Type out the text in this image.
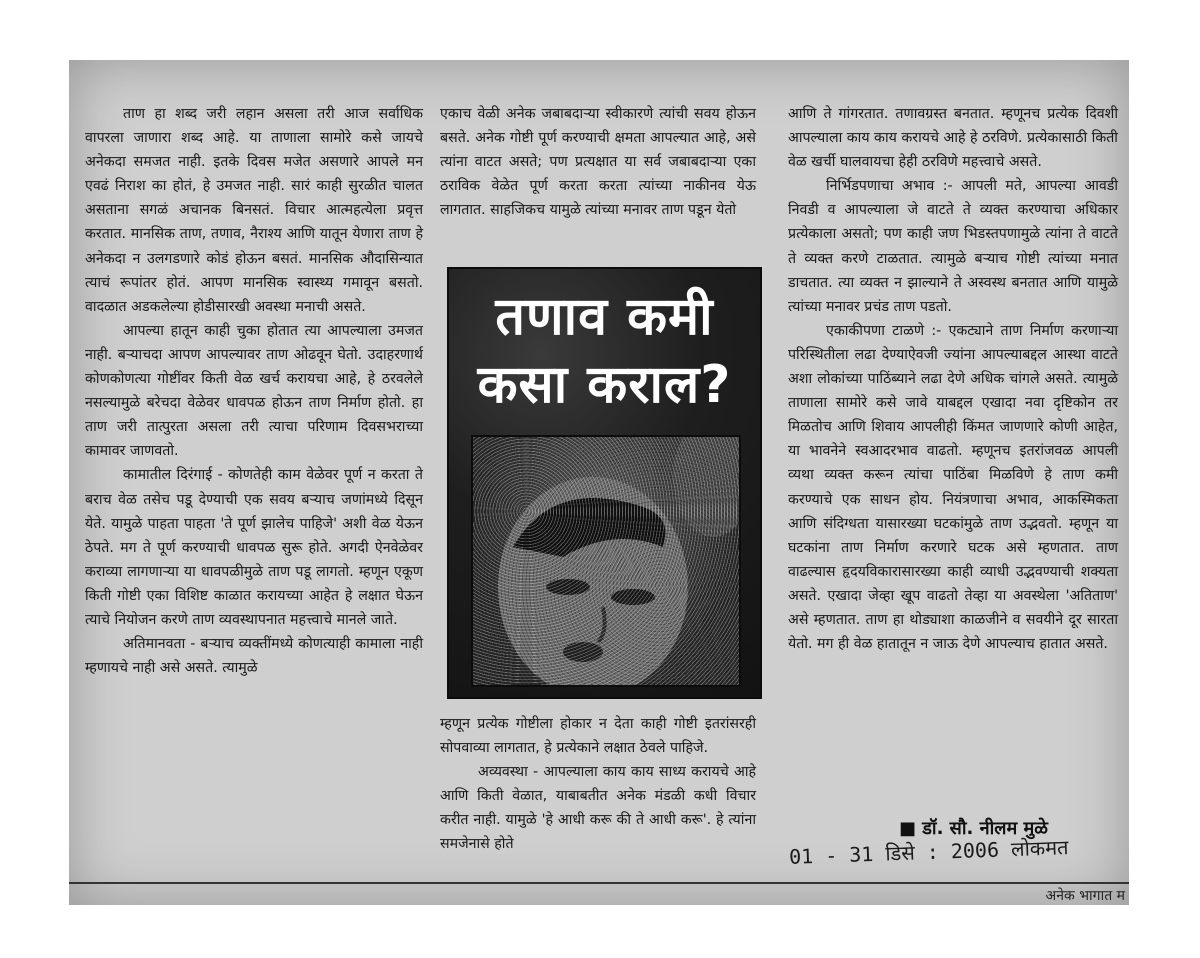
ताण हा शब्द जरी लहान असला तरी आज सर्वाधिक वापरला जाणारा शब्द आहे. या ताणाला सामोरे कसे जायचे अनेकदा समजत नाही. इतके दिवस मजेत असणारे आपले मन एवढं निराश का होतं, हे उमजत नाही. सारं काही सुरळीत चालत असताना सगळं अचानक बिनसतं. विचार आत्महत्येला प्रवृत्त करतात. मानसिक ताण, तणाव, नैराश्य आणि यातून येणारा ताण हे अनेकदा न उलगडणारे कोडं होऊन बसतं. मानसिक औदासिन्यात त्याचं रूपांतर होतं. आपण मानसिक स्वास्थ्य गमावून बसतो. वादळात अडकलेल्या होडीसारखी अवस्था मनाची असते.

आपल्या हातून काही चुका होतात त्या आपल्याला उमजत नाही. बऱ्याचदा आपण आपल्यावर ताण ओढवून घेतो. उदाहरणार्थ कोणकोणत्या गोष्टींवर किती वेळ खर्च करायचा आहे, हे ठरवलेले नसल्यामुळे बरेचदा वेळेवर धावपळ होऊन ताण निर्माण होतो. हा ताण जरी तात्पुरता असला तरी त्याचा परिणाम दिवसभराच्या कामावर जाणवतो.

कामातील दिरंगाई - कोणतेही काम वेळेवर पूर्ण न करता ते बराच वेळ तसेच पडू देण्याची एक सवय बऱ्याच जणांमध्ये दिसून येते. यामुळे पाहता पाहता 'ते पूर्ण झालेच पाहिजे' अशी वेळ येऊन ठेपते. मग ते पूर्ण करण्याची धावपळ सुरू होते. अगदी ऐनवेळेवर कराव्या लागणाऱ्या या धावपळीमुळे ताण पडू लागतो. म्हणून एकूण किती गोष्टी एका विशिष्ट काळात करायच्या आहेत हे लक्षात घेऊन त्याचे नियोजन करणे ताण व्यवस्थापनात महत्त्वाचे मानले जाते.

अतिमानवता - बऱ्याच व्यक्तींमध्ये कोणत्याही कामाला नाही म्हणायचे नाही असे असते. त्यामुळे

एकाच वेळी अनेक जबाबदाऱ्या स्वीकारणे त्यांची सवय होऊन बसते. अनेक गोष्टी पूर्ण करण्याची क्षमता आपल्यात आहे, असे त्यांना वाटत असते; पण प्रत्यक्षात या सर्व जबाबदाऱ्या एका ठराविक वेळेत पूर्ण करता करता त्यांच्या नाकीनव येऊ लागतात. साहजिकच यामुळे त्यांच्या मनावर ताण पडून येतो

म्हणून प्रत्येक गोष्टीला होकार न देता काही गोष्टी इतरांसरही सोपवाव्या लागतात, हे प्रत्येकाने लक्षात ठेवले पाहिजे.

अव्यवस्था - आपल्याला काय काय साध्य करायचे आहे आणि किती वेळात, याबाबतीत अनेक मंडळी कधी विचार करीत नाही. यामुळे 'हे आधी करू की ते आधी करू'. हे त्यांना समजेनासे होते

तणाव कमी
कसा कराल?

आणि ते गांगरतात. तणावग्रस्त बनतात. म्हणूनच प्रत्येक दिवशी आपल्याला काय काय करायचे आहे हे ठरविणे. प्रत्येकासाठी किती वेळ खर्ची घालवायचा हेही ठरविणे महत्त्वाचे असते.

निर्भिडपणाचा अभाव :- आपली मते, आपल्या आवडी निवडी व आपल्याला जे वाटते ते व्यक्त करण्याचा अधिकार प्रत्येकाला असतो; पण काही जण भिडस्तपणामुळे त्यांना ते वाटते ते व्यक्त करणे टाळतात. त्यामुळे बऱ्याच गोष्टी त्यांच्या मनात डाचतात. त्या व्यक्त न झाल्याने ते अस्वस्थ बनतात आणि यामुळे त्यांच्या मनावर प्रचंड ताण पडतो.

एकाकीपणा टाळणे :- एकट्याने ताण निर्माण करणाऱ्या परिस्थितीला लढा देण्याऐवजी ज्यांना आपल्याबद्दल आस्था वाटते अशा लोकांच्या पाठिंब्याने लढा देणे अधिक चांगले असते. त्यामुळे ताणाला सामोरे कसे जावे याबद्दल एखादा नवा दृष्टिकोन तर मिळतोच आणि शिवाय आपलीही किंमत जाणणारे कोणी आहेत, या भावनेने स्वआदरभाव वाढतो. म्हणूनच इतरांजवळ आपली व्यथा व्यक्त करून त्यांचा पाठिंबा मिळविणे हे ताण कमी करण्याचे एक साधन होय. नियंत्रणाचा अभाव, आकस्मिकता आणि संदिग्धता यासारख्या घटकांमुळे ताण उद्भवतो. म्हणून या घटकांना ताण निर्माण करणारे घटक असे म्हणतात. ताण वाढल्यास हृदयविकारासारख्या काही व्याधी उद्भवण्याची शक्यता असते. एखादा जेव्हा खूप वाढतो तेव्हा या अवस्थेला 'अतिताण' असे म्हणतात. ताण हा थोड्याशा काळजीने व सवयीने दूर सारता येतो. मग ही वेळ हातातून न जाऊ देणे आपल्याच हातात असते.

■ डॉ. सौ. नीलम मुळे
01 - 31 डिसे : 2006 लोकमत
अनेक भागात म
